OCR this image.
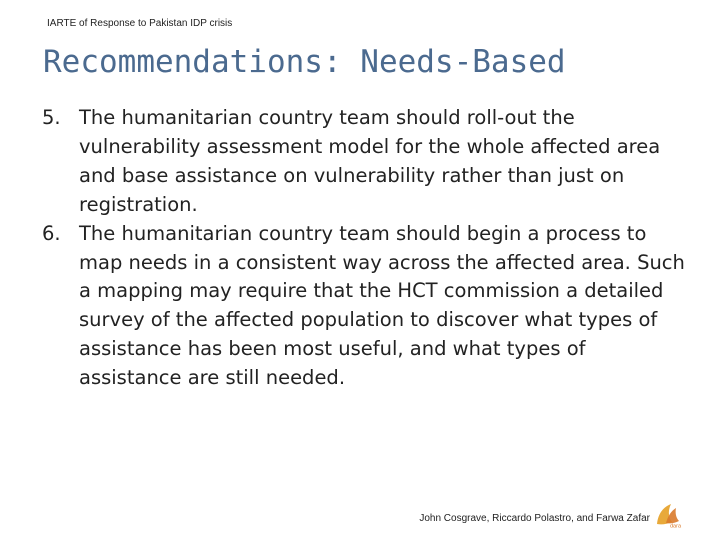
IARTE of Response to Pakistan IDP crisis
Recommendations: Needs-Based
5. The humanitarian country team should roll-out the vulnerability assessment model for the whole affected area and base assistance on vulnerability rather than just on registration.
6. The humanitarian country team should begin a process to map needs in a consistent way across the affected area. Such a mapping may require that the HCT commission a detailed survey of the affected population to discover what types of assistance has been most useful, and what types of assistance are still needed.
John Cosgrave, Riccardo Polastro, and Farwa Zafar
dara
